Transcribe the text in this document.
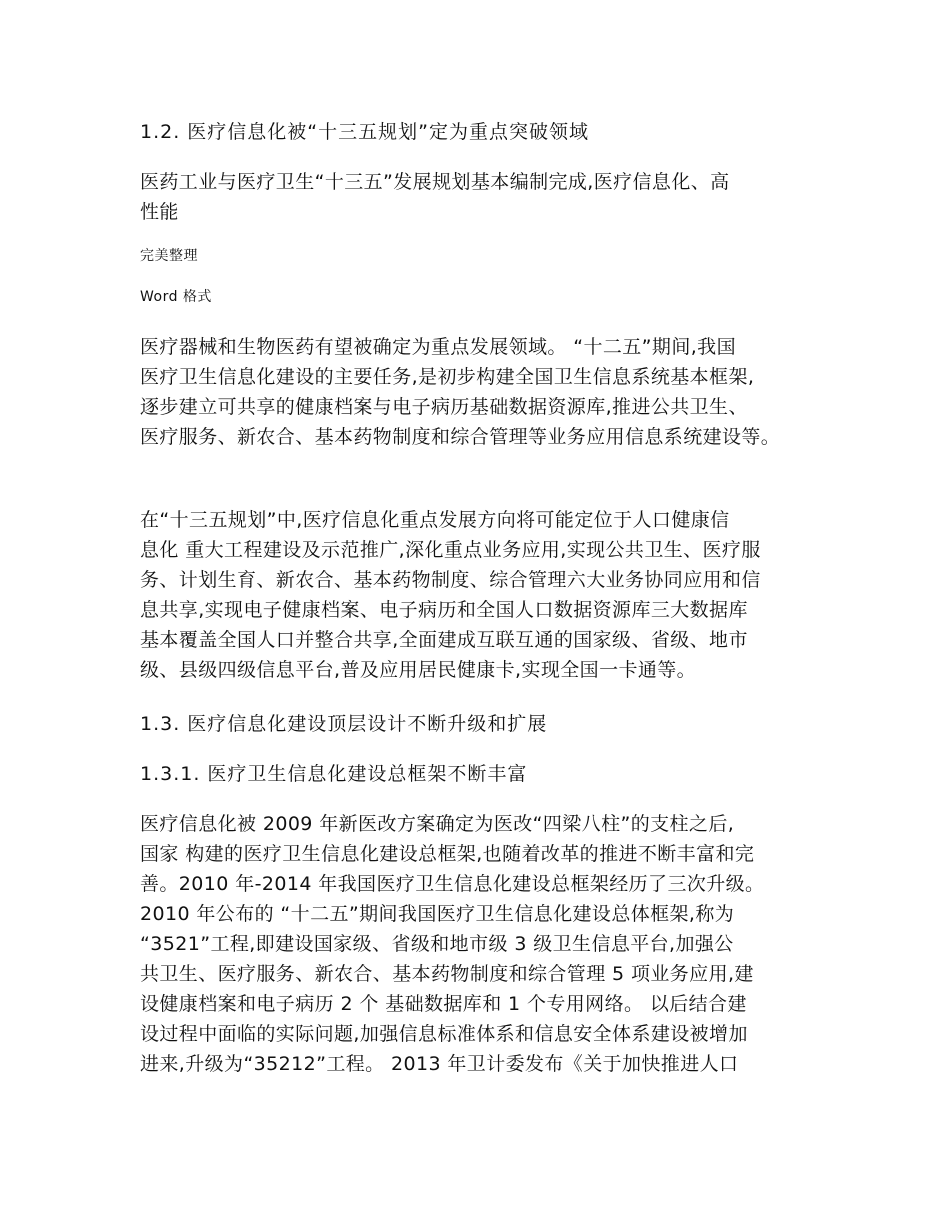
1.2. 医疗信息化被“十三五规划”定为重点突破领域
医药工业与医疗卫生“十三五”发展规划基本编制完成,医疗信息化、高
性能
完美整理
Word 格式
医疗器械和生物医药有望被确定为重点发展领域。 “十二五”期间,我国
医疗卫生信息化建设的主要任务,是初步构建全国卫生信息系统基本框架,
逐步建立可共享的健康档案与电子病历基础数据资源库,推进公共卫生、
医疗服务、新农合、基本药物制度和综合管理等业务应用信息系统建设等。
在“十三五规划”中,医疗信息化重点发展方向将可能定位于人口健康信
息化 重大工程建设及示范推广,深化重点业务应用,实现公共卫生、医疗服
务、计划生育、新农合、基本药物制度、综合管理六大业务协同应用和信
息共享,实现电子健康档案、电子病历和全国人口数据资源库三大数据库
基本覆盖全国人口并整合共享,全面建成互联互通的国家级、省级、地市
级、县级四级信息平台,普及应用居民健康卡,实现全国一卡通等。
1.3. 医疗信息化建设顶层设计不断升级和扩展
1.3.1. 医疗卫生信息化建设总框架不断丰富
医疗信息化被 2009 年新医改方案确定为医改“四梁八柱”的支柱之后,
国家 构建的医疗卫生信息化建设总框架,也随着改革的推进不断丰富和完
善。2010 年-2014 年我国医疗卫生信息化建设总框架经历了三次升级。
2010 年公布的 “十二五”期间我国医疗卫生信息化建设总体框架,称为
“3521”工程,即建设国家级、省级和地市级 3 级卫生信息平台,加强公
共卫生、医疗服务、新农合、基本药物制度和综合管理 5 项业务应用,建
设健康档案和电子病历 2 个 基础数据库和 1 个专用网络。 以后结合建
设过程中面临的实际问题,加强信息标准体系和信息安全体系建设被增加
进来,升级为“35212”工程。 2013 年卫计委发布《关于加快推进人口
